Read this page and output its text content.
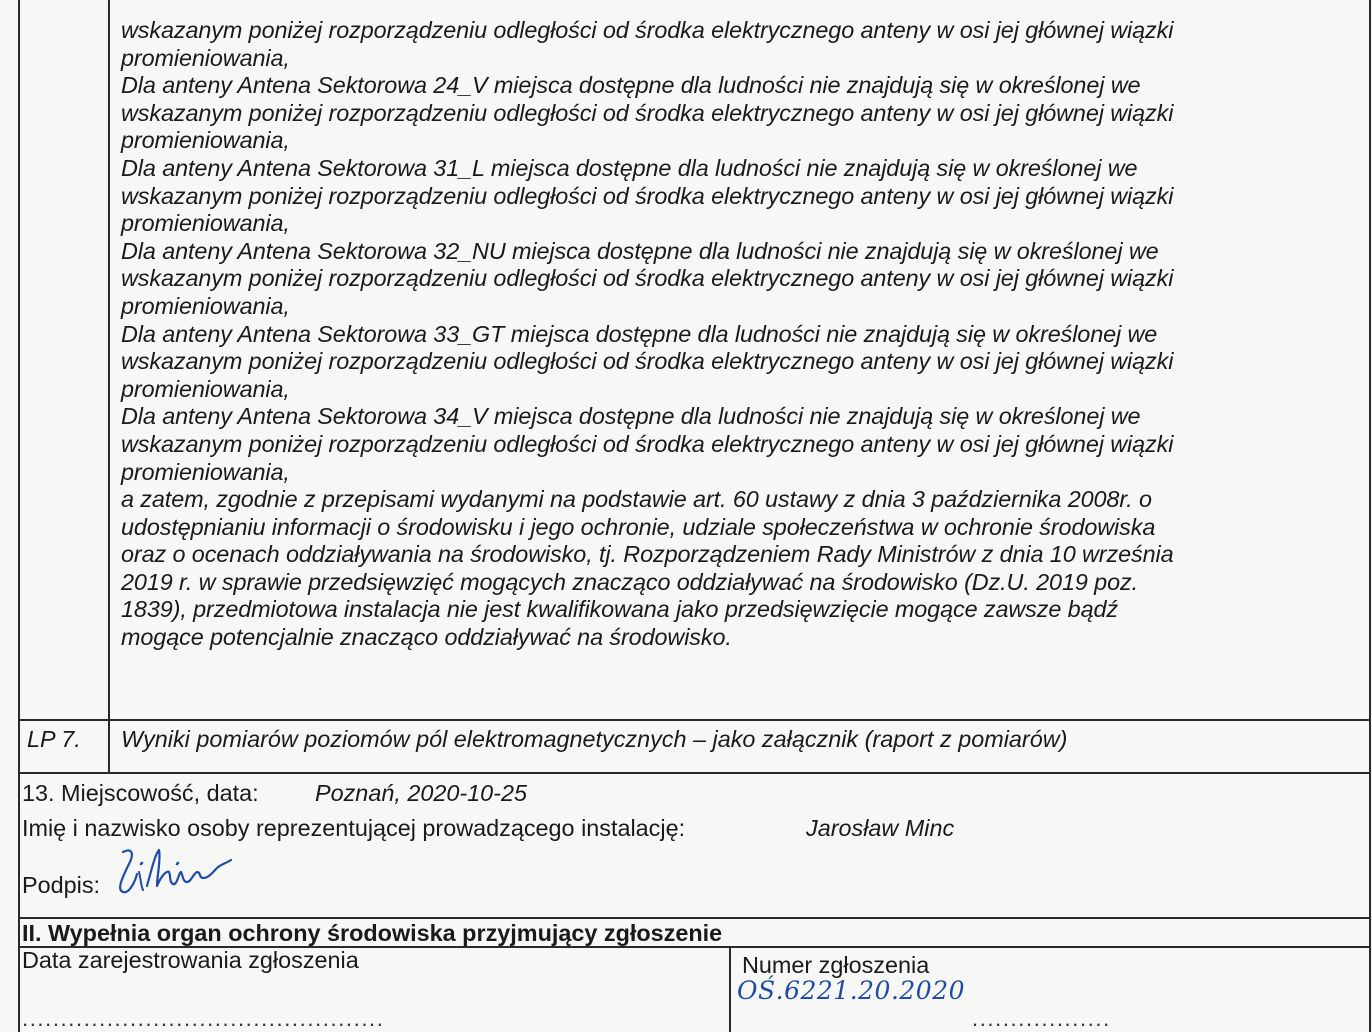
wskazanym poniżej rozporządzeniu odległości od środka elektrycznego anteny w osi jej głównej wiązki
promieniowania,
Dla anteny Antena Sektorowa 24_V miejsca dostępne dla ludności nie znajdują się w określonej we
wskazanym poniżej rozporządzeniu odległości od środka elektrycznego anteny w osi jej głównej wiązki
promieniowania,
Dla anteny Antena Sektorowa 31_L miejsca dostępne dla ludności nie znajdują się w określonej we
wskazanym poniżej rozporządzeniu odległości od środka elektrycznego anteny w osi jej głównej wiązki
promieniowania,
Dla anteny Antena Sektorowa 32_NU miejsca dostępne dla ludności nie znajdują się w określonej we
wskazanym poniżej rozporządzeniu odległości od środka elektrycznego anteny w osi jej głównej wiązki
promieniowania,
Dla anteny Antena Sektorowa 33_GT miejsca dostępne dla ludności nie znajdują się w określonej we
wskazanym poniżej rozporządzeniu odległości od środka elektrycznego anteny w osi jej głównej wiązki
promieniowania,
Dla anteny Antena Sektorowa 34_V miejsca dostępne dla ludności nie znajdują się w określonej we
wskazanym poniżej rozporządzeniu odległości od środka elektrycznego anteny w osi jej głównej wiązki
promieniowania,
a zatem, zgodnie z przepisami wydanymi na podstawie art. 60 ustawy z dnia 3 października 2008r. o
udostępnianiu informacji o środowisku i jego ochronie, udziale społeczeństwa w ochronie środowiska
oraz o ocenach oddziaływania na środowisko, tj. Rozporządzeniem Rady Ministrów z dnia 10 września
2019 r. w sprawie przedsięwzięć mogących znacząco oddziaływać na środowisko (Dz.U. 2019 poz.
1839), przedmiotowa instalacja nie jest kwalifikowana jako przedsięwzięcie mogące zawsze bądź
mogące potencjalnie znacząco oddziaływać na środowisko.
LP 7. Wyniki pomiarów poziomów pól elektromagnetycznych – jako załącznik (raport z pomiarów)
13. Miejscowość, data: Poznań, 2020-10-25
Imię i nazwisko osoby reprezentującej prowadzącego instalację:	Jarosław Minc
Podpis:
II. Wypełnia organ ochrony środowiska przyjmujący zgłoszenie
Data zarejestrowania zgłoszenia
...............................................
Numer zgłoszenia
OŚ.6221.20.2020
..................
